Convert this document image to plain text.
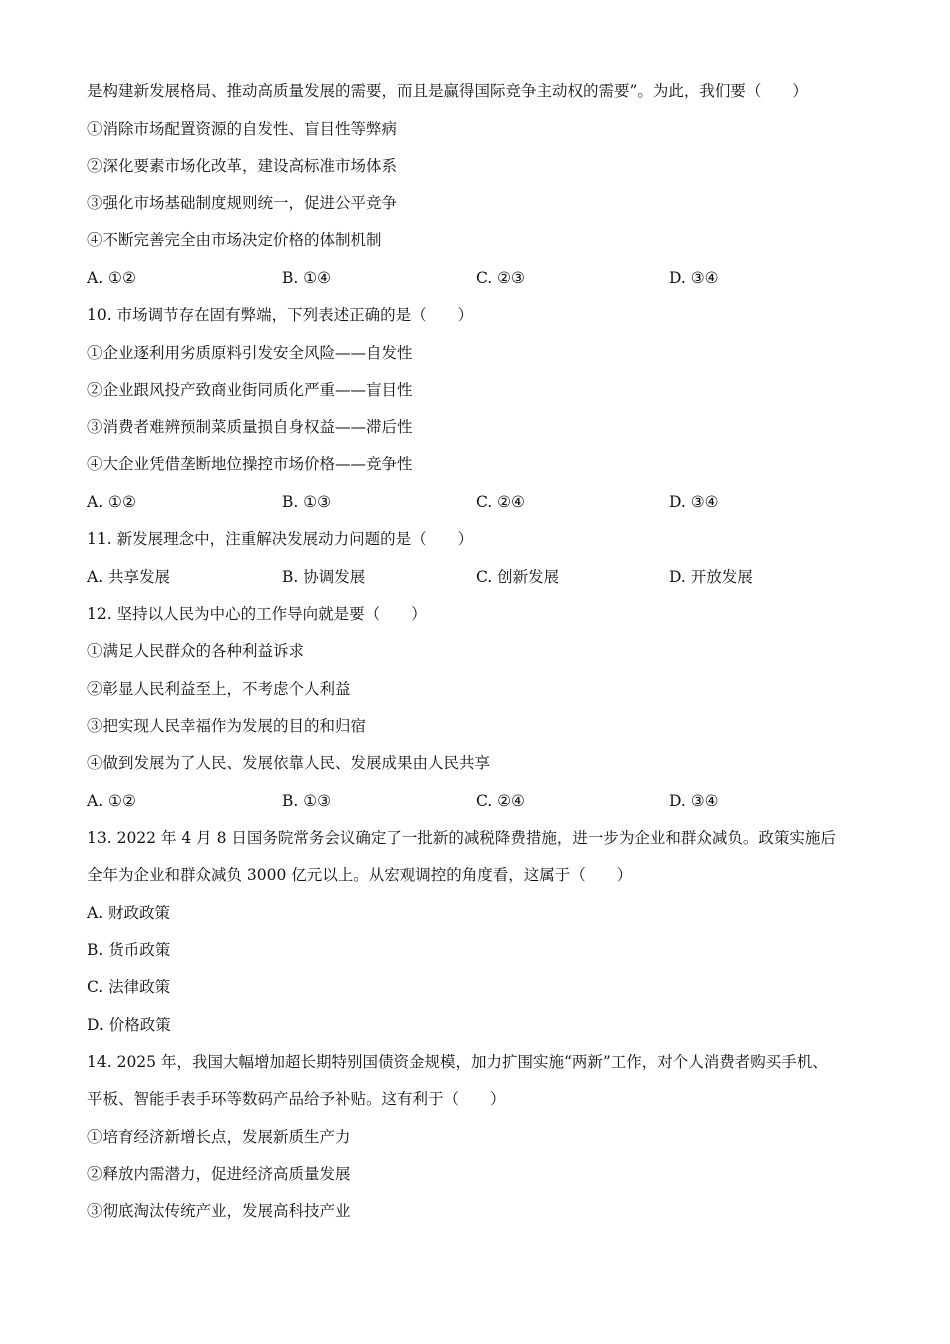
是构建新发展格局、推动高质量发展的需要，而且是赢得国际竞争主动权的需要”。为此，我们要（　　）
①消除市场配置资源的自发性、盲目性等弊病
②深化要素市场化改革，建设高标准市场体系
③强化市场基础制度规则统一，促进公平竞争
④不断完善完全由市场决定价格的体制机制
A. ①②	B. ①④	C. ②③	D. ③④
10. 市场调节存在固有弊端，下列表述正确的是（　　）
①企业逐利用劣质原料引发安全风险——自发性
②企业跟风投产致商业街同质化严重——盲目性
③消费者难辨预制菜质量损自身权益——滞后性
④大企业凭借垄断地位操控市场价格——竞争性
A. ①②	B. ①③	C. ②④	D. ③④
11. 新发展理念中，注重解决发展动力问题的是（　　）
A. 共享发展	B. 协调发展	C. 创新发展	D. 开放发展
12. 坚持以人民为中心的工作导向就是要（　　）
①满足人民群众的各种利益诉求
②彰显人民利益至上，不考虑个人利益
③把实现人民幸福作为发展的目的和归宿
④做到发展为了人民、发展依靠人民、发展成果由人民共享
A. ①②	B. ①③	C. ②④	D. ③④
13. 2022 年 4 月 8 日国务院常务会议确定了一批新的减税降费措施，进一步为企业和群众减负。政策实施后
全年为企业和群众减负 3000 亿元以上。从宏观调控的角度看，这属于（　　）
A. 财政政策
B. 货币政策
C. 法律政策
D. 价格政策
14. 2025 年，我国大幅增加超长期特别国债资金规模，加力扩围实施“两新”工作，对个人消费者购买手机、
平板、智能手表手环等数码产品给予补贴。这有利于（　　）
①培育经济新增长点，发展新质生产力
②释放内需潜力，促进经济高质量发展
③彻底淘汰传统产业，发展高科技产业
